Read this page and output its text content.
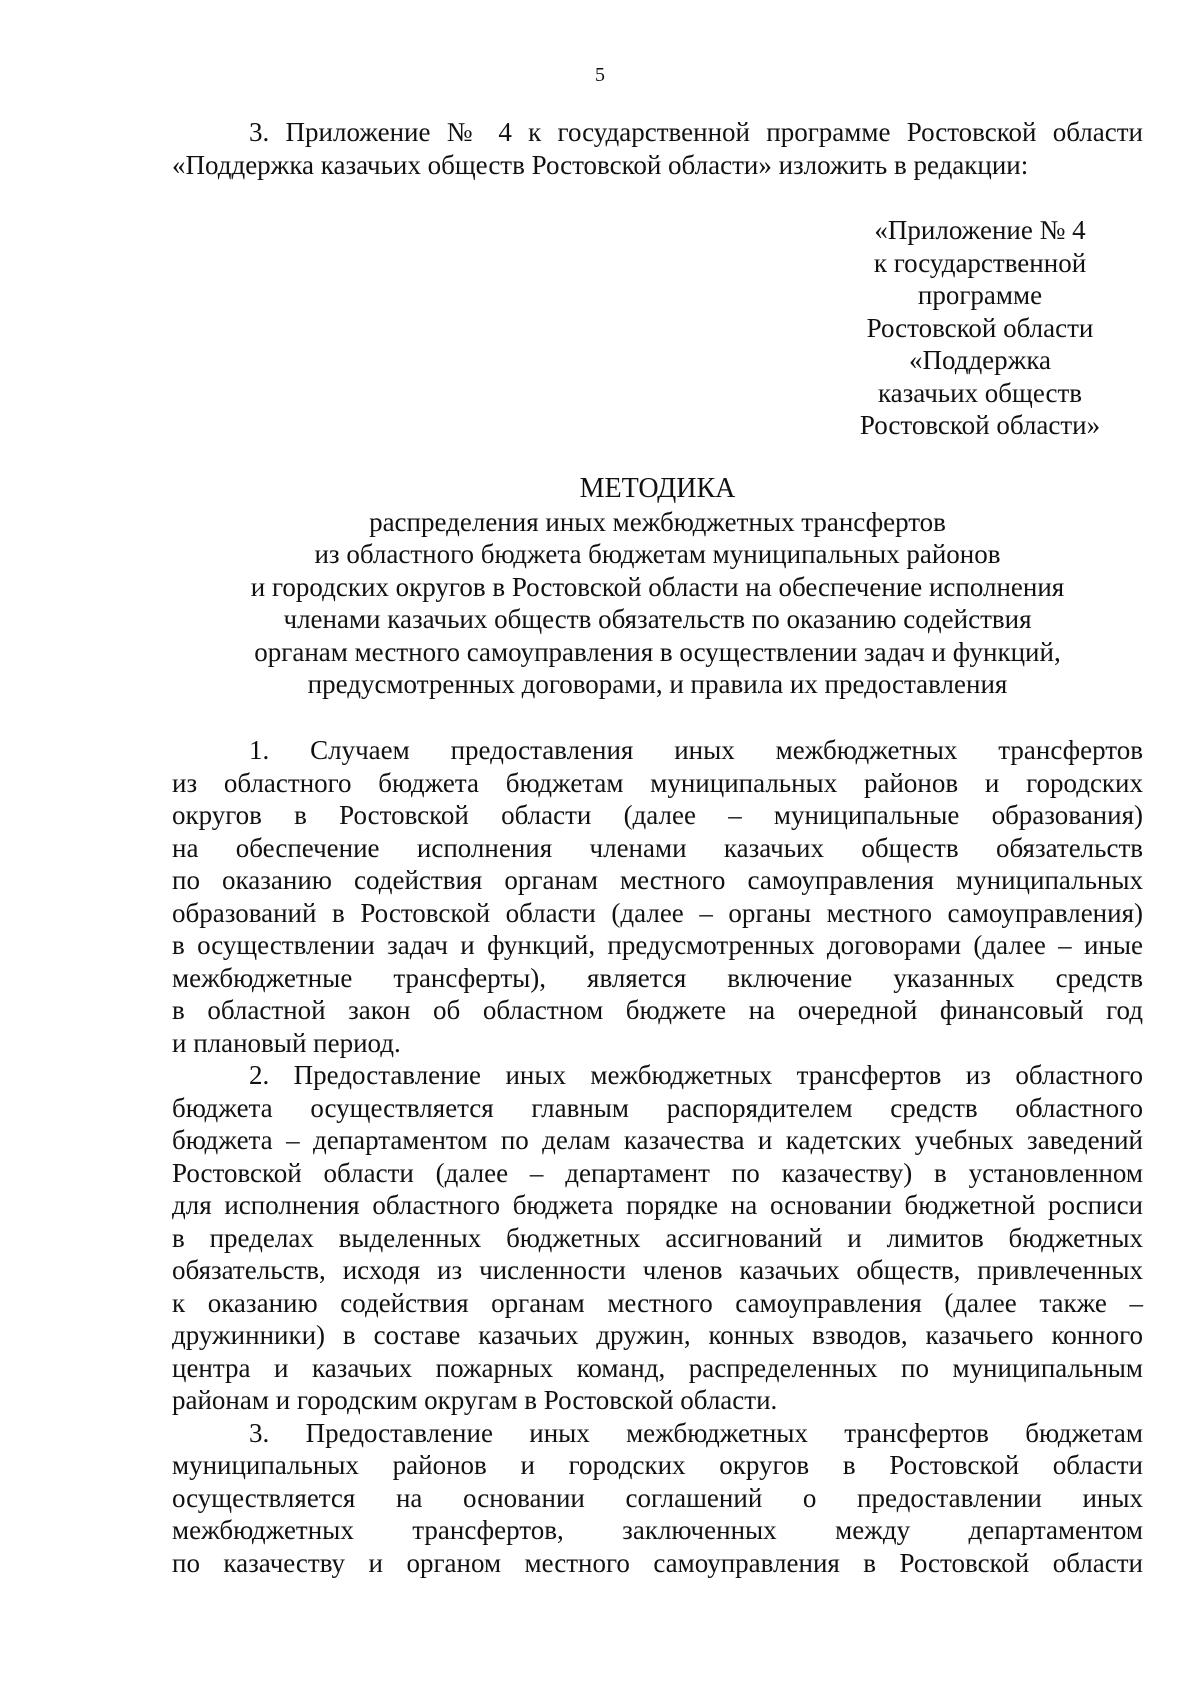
5
3. Приложение № 4 к государственной программе Ростовской области
«Поддержка казачьих обществ Ростовской области» изложить в редакции:
«Приложение № 4
к государственной
программе
Ростовской области
«Поддержка
казачьих обществ
Ростовской области»
МЕТОДИКА
распределения иных межбюджетных трансфертов
из областного бюджета бюджетам муниципальных районов
и городских округов в Ростовской области на обеспечение исполнения
членами казачьих обществ обязательств по оказанию содействия
органам местного самоуправления в осуществлении задач и функций,
предусмотренных договорами, и правила их предоставления
1. Случаем предоставления иных межбюджетных трансфертов
из областного бюджета бюджетам муниципальных районов и городских
округов в Ростовской области (далее – муниципальные образования)
на обеспечение исполнения членами казачьих обществ обязательств
по оказанию содействия органам местного самоуправления муниципальных
образований в Ростовской области (далее – органы местного самоуправления)
в осуществлении задач и функций, предусмотренных договорами (далее – иные
межбюджетные трансферты), является включение указанных средств
в областной закон об областном бюджете на очередной финансовый год
и плановый период.
2. Предоставление иных межбюджетных трансфертов из областного
бюджета осуществляется главным распорядителем средств областного
бюджета – департаментом по делам казачества и кадетских учебных заведений
Ростовской области (далее – департамент по казачеству) в установленном
для исполнения областного бюджета порядке на основании бюджетной росписи
в пределах выделенных бюджетных ассигнований и лимитов бюджетных
обязательств, исходя из численности членов казачьих обществ, привлеченных
к оказанию содействия органам местного самоуправления (далее также –
дружинники) в составе казачьих дружин, конных взводов, казачьего конного
центра и казачьих пожарных команд, распределенных по муниципальным
районам и городским округам в Ростовской области.
3. Предоставление иных межбюджетных трансфертов бюджетам
муниципальных районов и городских округов в Ростовской области
осуществляется на основании соглашений о предоставлении иных
межбюджетных трансфертов, заключенных между департаментом
по казачеству и органом местного самоуправления в Ростовской области
